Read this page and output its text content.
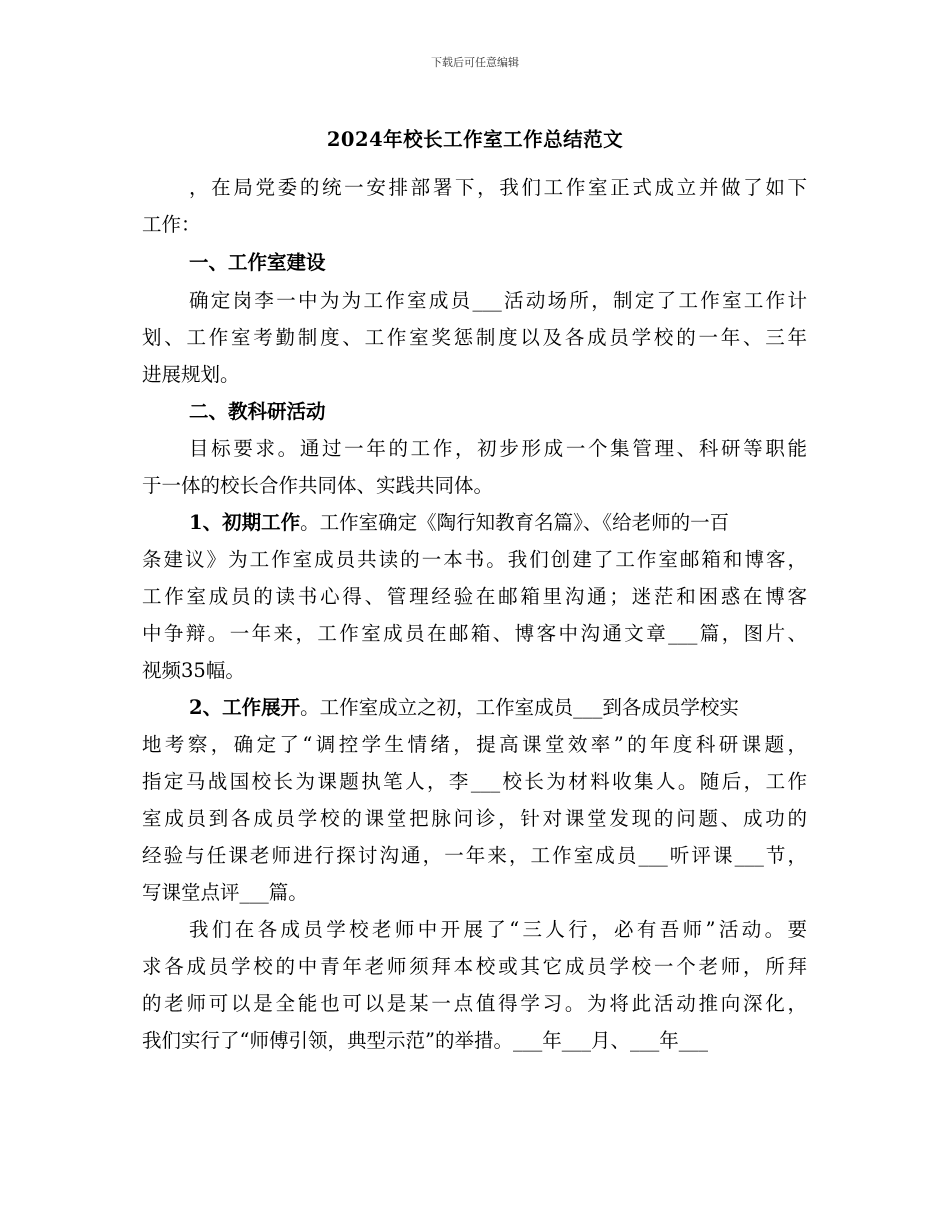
下载后可任意编辑
2024年校长工作室工作总结范文

，在局党委的统一安排部署下，我们工作室正式成立并做了如下

工作：

一、工作室建设

确定岗李一中为为工作室成员___活动场所，制定了工作室工作计

划、工作室考勤制度、工作室奖惩制度以及各成员学校的一年、三年

进展规划。

二、教科研活动

目标要求。通过一年的工作，初步形成一个集管理、科研等职能

于一体的校长合作共同体、实践共同体。

1、初期工作。工作室确定《陶行知教育名篇》、《给老师的一百

条建议》为工作室成员共读的一本书。我们创建了工作室邮箱和博客，

工作室成员的读书心得、管理经验在邮箱里沟通；迷茫和困惑在博客

中争辩。一年来，工作室成员在邮箱、博客中沟通文章___篇，图片、

视频35幅。

2、工作展开。工作室成立之初，工作室成员___到各成员学校实

地考察，确定了“调控学生情绪，提高课堂效率”的年度科研课题，

指定马战国校长为课题执笔人，李___校长为材料收集人。随后，工作

室成员到各成员学校的课堂把脉问诊，针对课堂发现的问题、成功的

经验与任课老师进行探讨沟通，一年来，工作室成员___听评课___节，

写课堂点评___篇。

我们在各成员学校老师中开展了“三人行，必有吾师”活动。要

求各成员学校的中青年老师须拜本校或其它成员学校一个老师，所拜

的老师可以是全能也可以是某一点值得学习。为将此活动推向深化，

我们实行了“师傅引领，典型示范”的举措。___年___月、___年___
